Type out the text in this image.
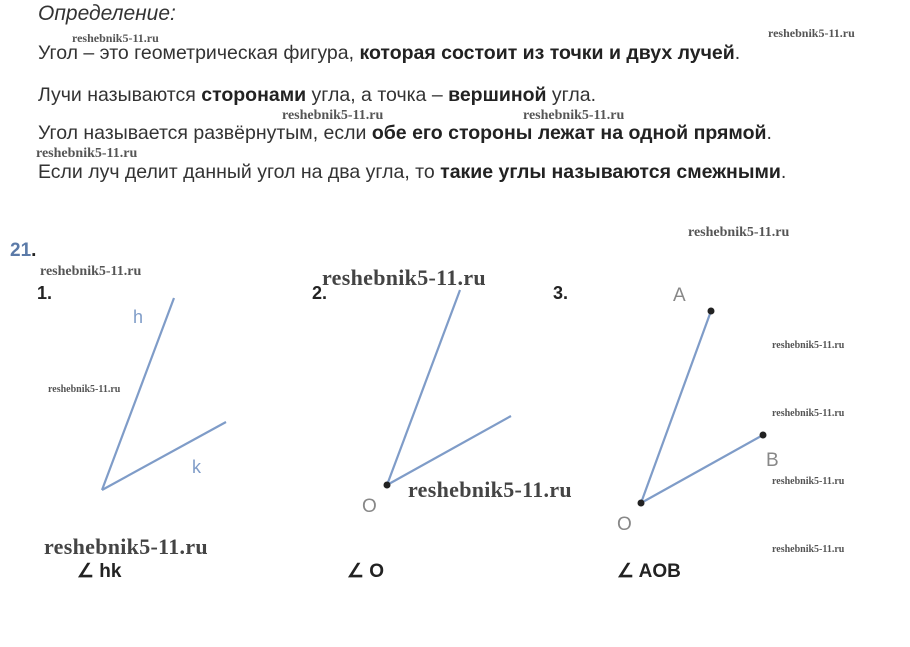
Определение:
Угол – это геометрическая фигура, которая состоит из точки и двух лучей.
Лучи называются сторонами угла, а точка – вершиной угла.
Угол называется развёрнутым, если обе его стороны лежат на одной прямой.
Если луч делит данный угол на два угла, то такие углы называются смежными.
reshebnik5-11.ru	reshebnik5-11.ru
reshebnik5-11.ru	reshebnik5-11.ru
reshebnik5-11.ru
reshebnik5-11.ru
reshebnik5-11.ru
reshebnik5-11.ru
reshebnik5-11.ru
reshebnik5-11.ru
reshebnik5-11.ru
reshebnik5-11.ru
reshebnik5-11.ru
reshebnik5-11.ru
reshebnik5-11.ru
21.
1.	2.	3.
h
k
O
A
B
O
∠ hk	∠ O	∠ AOB
